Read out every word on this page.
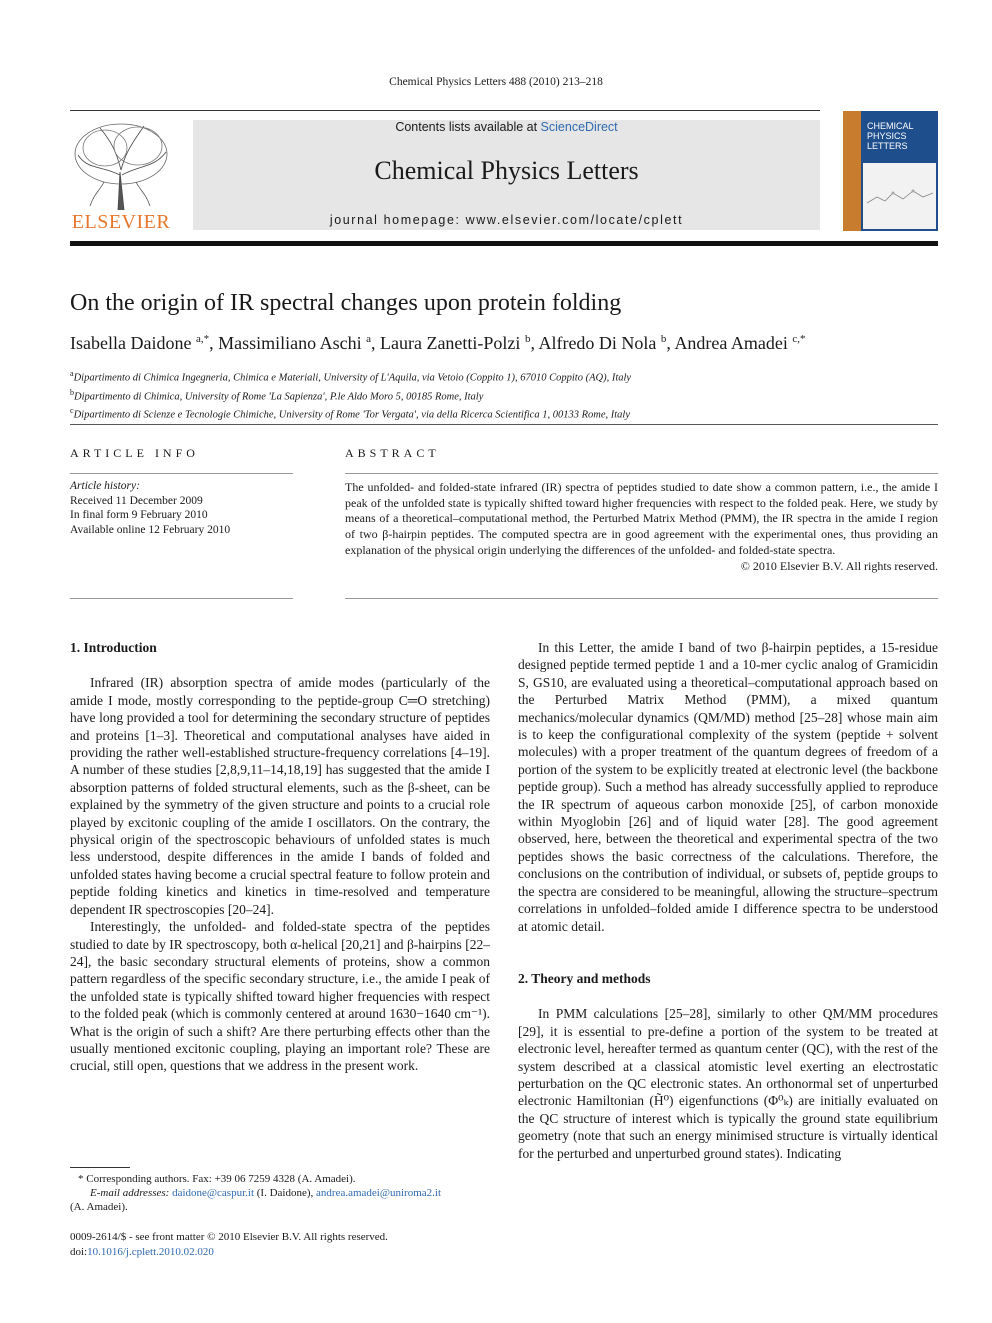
Chemical Physics Letters 488 (2010) 213–218
ELSEVIER
Contents lists available at ScienceDirect
Chemical Physics Letters
journal homepage: www.elsevier.com/locate/cplett
CHEMICAL
PHYSICS
LETTERS
On the origin of IR spectral changes upon protein folding
Isabella Daidone $^{a,*}$, Massimiliano Aschi $^a$, Laura Zanetti-Polzi $^b$, Alfredo Di Nola $^b$, Andrea Amadei $^{c,*}$
$^a$Dipartimento di Chimica Ingegneria, Chimica e Materiali, University of L'Aquila, via Vetoio (Coppito 1), 67010 Coppito (AQ), Italy
$^b$Dipartimento di Chimica, University of Rome 'La Sapienza', P.le Aldo Moro 5, 00185 Rome, Italy
$^c$Dipartimento di Scienze e Tecnologie Chimiche, University of Rome 'Tor Vergata', via della Ricerca Scientifica 1, 00133 Rome, Italy
ARTICLE INFO
Article history:
Received 11 December 2009
In final form 9 February 2010
Available online 12 February 2010
ABSTRACT
The unfolded- and folded-state infrared (IR) spectra of peptides studied to date show a common pattern, i.e., the amide I peak of the unfolded state is typically shifted toward higher frequencies with respect to the folded peak. Here, we study by means of a theoretical–computational method, the Perturbed Matrix Method (PMM), the IR spectra in the amide I region of two β-hairpin peptides. The computed spectra are in good agreement with the experimental ones, thus providing an explanation of the physical origin underlying the differences of the unfolded- and folded-state spectra.
© 2010 Elsevier B.V. All rights reserved.
1. Introduction

Infrared (IR) absorption spectra of amide modes (particularly of the amide I mode, mostly corresponding to the peptide-group C═O stretching) have long provided a tool for determining the secondary structure of peptides and proteins [1–3]. Theoretical and computational analyses have aided in providing the rather well-established structure-frequency correlations [4–19]. A number of these studies [2,8,9,11–14,18,19] has suggested that the amide I absorption patterns of folded structural elements, such as the β-sheet, can be explained by the symmetry of the given structure and points to a crucial role played by excitonic coupling of the amide I oscillators. On the contrary, the physical origin of the spectroscopic behaviours of unfolded states is much less understood, despite differences in the amide I bands of folded and unfolded states having become a crucial spectral feature to follow protein and peptide folding kinetics and kinetics in time-resolved and temperature dependent IR spectroscopies [20–24].

Interestingly, the unfolded- and folded-state spectra of the peptides studied to date by IR spectroscopy, both α-helical [20,21] and β-hairpins [22–24], the basic secondary structural elements of proteins, show a common pattern regardless of the specific secondary structure, i.e., the amide I peak of the unfolded state is typically shifted toward higher frequencies with respect to the folded peak (which is commonly centered at around 1630−1640 cm⁻¹). What is the origin of such a shift? Are there perturbing effects other than the usually mentioned excitonic coupling, playing an important role? These are crucial, still open, questions that we address in the present work.

In this Letter, the amide I band of two β-hairpin peptides, a 15-residue designed peptide termed peptide 1 and a 10-mer cyclic analog of Gramicidin S, GS10, are evaluated using a theoretical–computational approach based on the Perturbed Matrix Method (PMM), a mixed quantum mechanics/molecular dynamics (QM/MD) method [25–28] whose main aim is to keep the configurational complexity of the system (peptide + solvent molecules) with a proper treatment of the quantum degrees of freedom of a portion of the system to be explicitly treated at electronic level (the backbone peptide group). Such a method has already successfully applied to reproduce the IR spectrum of aqueous carbon monoxide [25], of carbon monoxide within Myoglobin [26] and of liquid water [28]. The good agreement observed, here, between the theoretical and experimental spectra of the two peptides shows the basic correctness of the calculations. Therefore, the conclusions on the contribution of individual, or subsets of, peptide groups to the spectra are considered to be meaningful, allowing the structure–spectrum correlations in unfolded–folded amide I difference spectra to be understood at atomic detail.

2. Theory and methods

In PMM calculations [25–28], similarly to other QM/MM procedures [29], it is essential to pre-define a portion of the system to be treated at electronic level, hereafter termed as quantum center (QC), with the rest of the system described at a classical atomistic level exerting an electrostatic perturbation on the QC electronic states. An orthonormal set of unperturbed electronic Hamiltonian (H̃⁰) eigenfunctions (Φ⁰ₖ) are initially evaluated on the QC structure of interest which is typically the ground state equilibrium geometry (note that such an energy minimised structure is virtually identical for the perturbed and unperturbed ground states). Indicating

* Corresponding authors. Fax: +39 06 7259 4328 (A. Amadei).
E-mail addresses: daidone@caspur.it (I. Daidone), andrea.amadei@uniroma2.it
(A. Amadei).
0009-2614/$ - see front matter © 2010 Elsevier B.V. All rights reserved.
doi:10.1016/j.cplett.2010.02.020
